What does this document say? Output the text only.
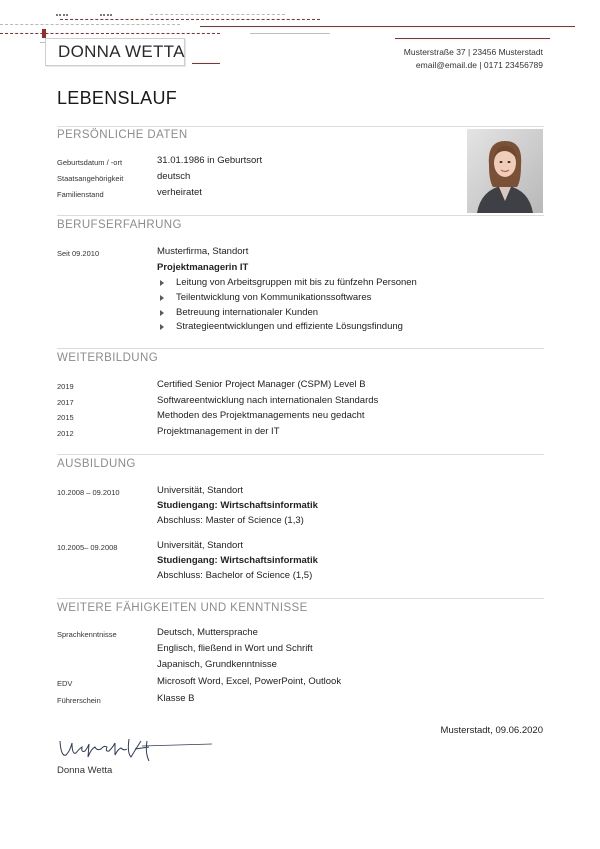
DONNA WETTA	Musterstraße 37 | 23456 Musterstadt
email@email.de | 0171 23456789
LEBENSLAUF
PERSÖNLICHE DATEN
Geburtsdatum / -ort	31.01.1986 in Geburtsort
Staatsangehörigkeit	deutsch
Familienstand	verheiratet
BERUFSERFAHRUNG
Seit 09.2010	Musterfirma, Standort
Projektmanagerin IT
Leitung von Arbeitsgruppen mit bis zu fünfzehn Personen
Teilentwicklung von Kommunikationssoftwares
Betreuung internationaler Kunden
Strategieentwicklungen und effiziente Lösungsfindung
WEITERBILDUNG
2019	Certified Senior Project Manager (CSPM) Level B
2017	Softwareentwicklung nach internationalen Standards
2015	Methoden des Projektmanagements neu gedacht
2012	Projektmanagement in der IT
AUSBILDUNG
10.2008 – 09.2010	Universität, Standort
Studiengang: Wirtschaftsinformatik
Abschluss: Master of Science (1,3)
10.2005– 09.2008	Universität, Standort
Studiengang: Wirtschaftsinformatik
Abschluss: Bachelor of Science (1,5)
WEITERE FÄHIGKEITEN UND KENNTNISSE
Sprachkenntnisse	Deutsch, Muttersprache
Englisch, fließend in Wort und Schrift
Japanisch, Grundkenntnisse
EDV	Microsoft Word, Excel, PowerPoint, Outlook
Führerschein	Klasse B
Musterstadt, 09.06.2020
Donna Wetta
